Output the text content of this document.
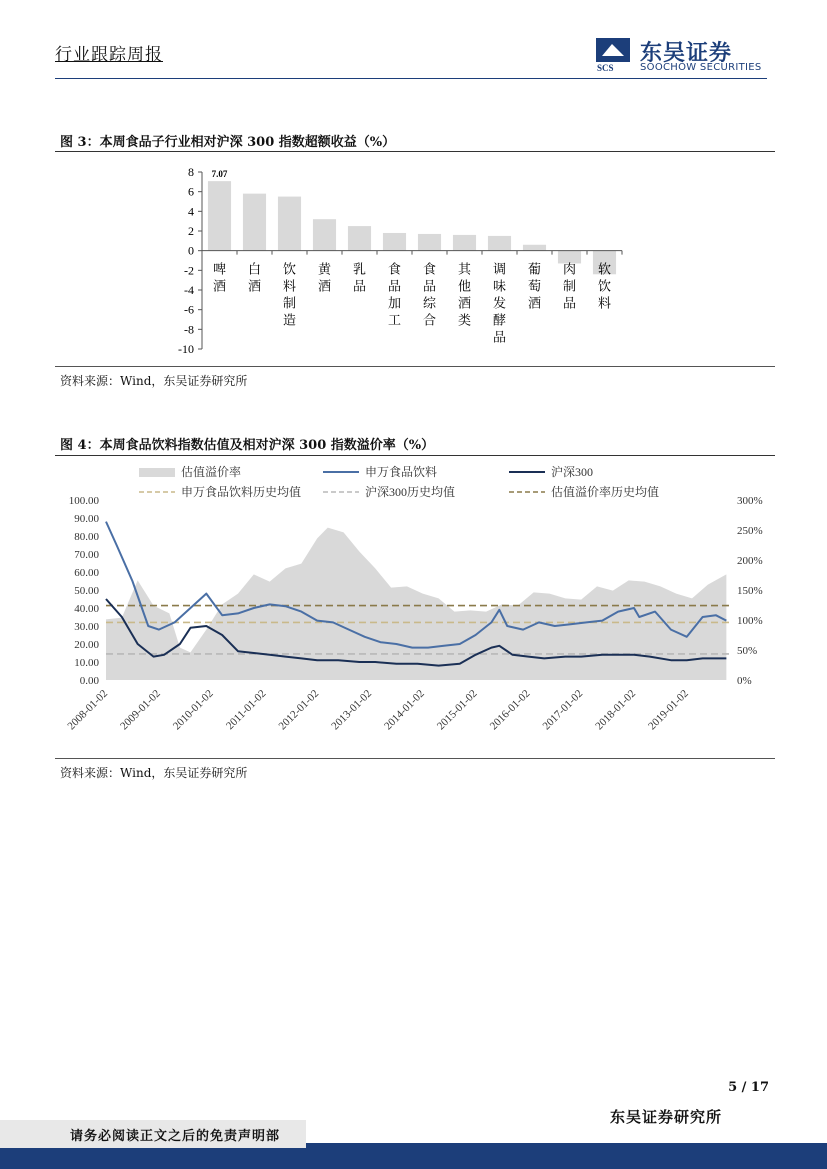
行业跟踪周报
SCS
东吴证券
SOOCHOW SECURITIES
图 3：本周食品子行业相对沪深 300 指数超额收益（%）
8
6
4
2
0
-2
-4
-6
-8
-10
啤
酒
白
酒
饮
料
制
造
黄
酒
乳
品
食
品
加
工
食
品
综
合
其
他
酒
类
调
味
发
酵
品
葡
萄
酒
肉
制
品
软
饮
料
7.07
资料来源：Wind，东吴证券研究所
图 4：本周食品饮料指数估值及相对沪深 300 指数溢价率（%）
估值溢价率	申万食品饮料	沪深300
申万食品饮料历史均值	沪深300历史均值	估值溢价率历史均值
100.00
90.00
80.00
70.00
60.00
50.00
40.00
30.00
20.00
10.00
0.00
300%
250%
200%
150%
100%
50%
0%
2008-01-02 2009-01-02 2010-01-02 2011-01-02 2012-01-02 2013-01-02 2014-01-02 2015-01-02 2016-01-02 2017-01-02 2018-01-02 2019-01-02
资料来源：Wind，东吴证券研究所
5 / 17
东吴证券研究所
请务必阅读正文之后的免责声明部
